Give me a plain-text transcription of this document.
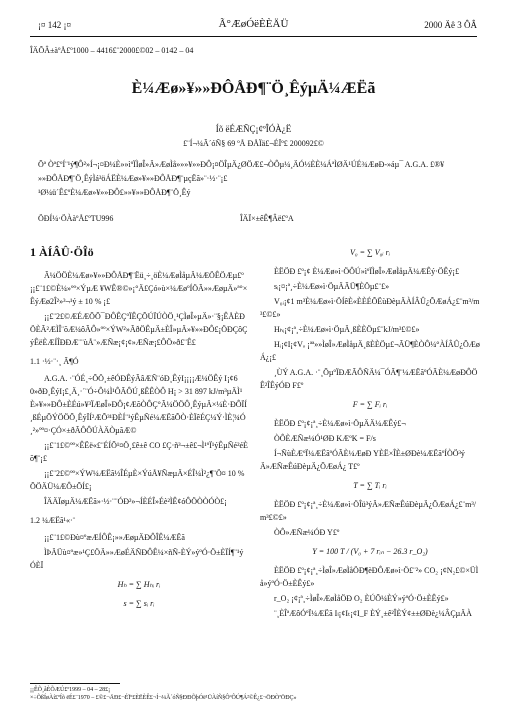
¡¤ 142 ¡¤	Ã°ÆøÓëÈÈÄÜ	2000 Äê 3 ÔÂ
ÎÄÕÂ±àºÅ£º1000 – 4416£¨2000£©02 – 0142 – 04
È¼Æø»¥»»ÐÔÅÐ¶¨Ö¸ÊýµÄ¼ÆËã
Íõ ëÉÆÑÇ¡¢ºÎÓÀ¿Ë
£¨Í¬¼Ã´óÑ§ 69 ºÅ ÐÅÏä£¬ÉÏº£ 200092£©

Õª Òª£ºÍ¨¹ý¶Ô²»Í¬¡¤Ð¼È»»ìºÏÌøÎ»Ä»ÆøÌå»»»¥»»ÐÔ¡¤ÖÎµÄ¿ØÖÆ£¬ÒÔµ¼¸ÄÓ½ÈÈ¼ÁªÌØÄ¹ÚÉ¾ÆøÐ-»áµ¯ A.G.A. £®¥

»»ÐÔÅÐ¶¨Ö¸ÊýÌá³öÁËÈ¼Æø»¥»»ÐÔÅÐ¶¨µçËã»¨·½·¨¡£

¹Ø¼ü´Ê£ºÈ¼Æø»¥»»ÐÔ£»»¥»»ÐÔÅÐ¶¨Ö¸Êý

ÖÐÍ¼·ÖÀàºÅ£ºTU996	ÎÄÏ×±êÊ¶Âë£ºA
1 ÀÍÂÛ·ÖÎö

Ã¼ÖÖÈ¼Æø»¥»»ÐÔÅÐ¶¨Ëü¸÷¸öÈ¼ÆøÌåµÄ¼ÆÖÊÖÆµ£º ¡¡£¨1£©È¼»ºº×ÝµÆ ¥WÊ®©»¡°Ä£Çó»ù×¼ÆøºÍÖÃ»»ÆøµÄ»ª°×ÊýÆø2Î²»³¬¹ý ± 10 % ¡£

¡¡£¨2£©ÆÉÆÕÕ¯ÐÔÊÇºÏÊÇÕÚÏÚÒÖ¸¹ÇÌøÎ»µÄ»·¨§¡ÊÅÈÐÖÈÃ²ÆÌÎ¨õÆ¼ôÃÔ»ºº×ÝW²»ÃðÖÊµÄ±ÈÎ»µÄ»¥»»ÐÔ£¡ÖÐÇôÇýÊëÈÆÍÎÐÐÆ¨¨ùÅ¨»ÆÑæ¡¢¡¢»ÆÑæ¡£ÔÖ»ð£¨Ê£

1.1 ·½·¨·¸ Ã¶Ó

A.G.A. ·¨ÓÉ¸÷ÕÖ¸±êÓÐÊýÃâÆÑ¨óÐ¸ÊýI¡¡¡¡Æ¼ÖÊý I¡¢60»ðÐ¸ÊýI¡£¸Ä¸·´¨Ó÷Ô¼Ì¹ÔÃÔÚ¸ßÊÊÒÔ H¡ > 31 897 kJ/m³µÄÌ¹È»¥»»ÐÔ±ÈÉú»¥³ÏÆøÎ»ÐÔ¡¢ÆõÒÔÇ°Ã¼ÖÖÔ¸ÊýµÄ×¼È·ÐÔÏÍ¸ßÉµÕÝÖÖÕ¸ÊýÏÍ²ÆÕ³¹ÐÈÍ¨¹ýÊµÑé¼ÆËãÕÒ·ÈÏêÉÇ¼Ý·ÌÈ¦¾Ó¸²»ºº¤·ÇÓ×±ðÃÔÔÚÀÄÒµãÆ©

¡¡£¨1£©ºº×ÊËë«£¨ÉÍÕ¹¤Ö¸£ê±ê CO £Ç·ñ³¬±ê£¬Ì¹ºÏ¹ýÊµÑé²éÈõ¶¨¡£

¡¡£¨2£©ºº×ÝW¼ÆËã½ÎÉµÈ×ÝúÅ¥ÑæµÄ×ÉÎ¼Ì²¿¶¨Ö¤ 10 % ÕÖÄÜ¼ÆÔ±ÕÍ£¡

ÎÄÄÏøµÄ¼ÆËã»·½·¨¨ÓÐ²»¬ÍÈÉÎ»Éè²ÌÊ¢óÔÖÒÒÓÒ£¡

1.2 ¼ÆËã¹«·¨

¡¡£¨1£©Ðù¤ºæÆÍÔÊ¡»»ÆøµÄÐÔÎÊ¼ÆËã

ÌÞÄÜù¤ºæ»¹Ç£ÖÄ»»ÆøÉÄÑÐÔÊ¼×ñÑ-ÈÝ»ýºÓ·Ö±ÈÏÍ¶¨¹ýÓÈÏ

Hₕ = ∑ Hₕᵢ rᵢ
s = ∑ sᵢ rᵢ
V₀ = ∑ V₀ᵢ rᵢ

ÈËÖÐ £º¡¢ È¼Æø»ì·ÖÔÚ»ìºÏÌøÎ»ÆøÌåµÄ¼ÆÊý·ÖÊý¡£

sᵢ¡¤¡ª¸÷È¼Æø»ì·ÖµÄÃÜ¶ÈÖµ£¨£»

V₀ᵢ¡¢1 m³È¼Æø»ì·ÖÍêÈ«ÈÈÉÕËùÐèµÄÀÍÂÛ¿ÕÆøÁ¿£¨m³/m³£©£»

Hₕᵢ¡¢¡ª¸÷È¼Æø»ì·ÖµÄ¸ßÈÈÖµ£¨kJ/m³£©£»

Hᵢ¡¢I¡¢Vₒ ¡ªª»»ÌøÎ»ÆøÌåµÄ¸ßÈÈÖµ£¬ÃÜ¶ÈÒÔ¼°ÀÍÂÛ¿ÕÆøÁ¿¡£

¸ÙÝ A.G.A. ·¨¸ÕµºÏÐÆÃÔÑÄ¼¯ÓÃ¶¨¼ÆËãºÓÃÈ¼ÆøÐÔÖÊ²ÎÊýÓÐ F£º

F = ∑ Fᵢ rᵢ

ÈËÖÐ £º¡¢¡ª¸÷È¼Æø»ì·ÖµÄÄ¼ÆÊý£¬

ÒÔÈÆÑæ¼Ó¹ØÐ KÆºK = F/s

Í¬ÑùÈÆºÏ¼ÆËãºÓÃÈ¼ÆøÐ YÈË×ÎÈ±ØÐè¼ÆËãºÍÒÖ³ýÄ»ÆÑæÊúÐèµÄ¿ÕÆøÁ¿ T£º

T = ∑ Tᵢ rᵢ

ÈËÖÐ £º¡¢¡ª¸÷È¼Æø»ì·ÖÎü³ýÄ»ÆÑæÊúÐèµÄ¿ÕÆøÁ¿£¨m³/m³£©£»

ÒÔ»ÆÑæ¼ÓÐ Y£º

Y = 100 T / (V₀ + 7 rᵢₙ − 26.3 r_O₂)

ÈËÖÐ £º¡¢¡ª¸÷ÌøÎ»ÆøÌåÖÐ¶èÐÔÆø»ì·Ö£¨²» CO₂ ¡¢N₂£©×ÜÌå»ýºÓ·Ö±ÈÊý£»

r_O₂ ¡¢¡ª¸÷ÌøÎ»ÆøÌåÖÐ O₂ ÈÚÕ¼ÈÝ»ýºÓ·Ö±ÈÊý£»

¨¸ÈÎªÆôÓºÏ¼ÆËã Iₗ¡¢Iₜ¡¢I_F ÈÝ¸±ê²ÎÈÝ¢±±ØÐè¿¼ÂÇµÄÀ

¡¡ÊÕ¸åÈÕÆÚ£º1999 – 04 – 28£¡

×÷ÕßÍøÀí£ºÍõ ëÉ£¨1970 – £©£¬ÄÐ£¬ÉÏº£ÈËÈÊ£¬Í¬¼Ã´óÑ§ÐÐÕþÓë¹ÜÀíÑ§ÔºÔÚ¶Á²©Ê¿£¬ÖÐÒªÖÐÇ»
